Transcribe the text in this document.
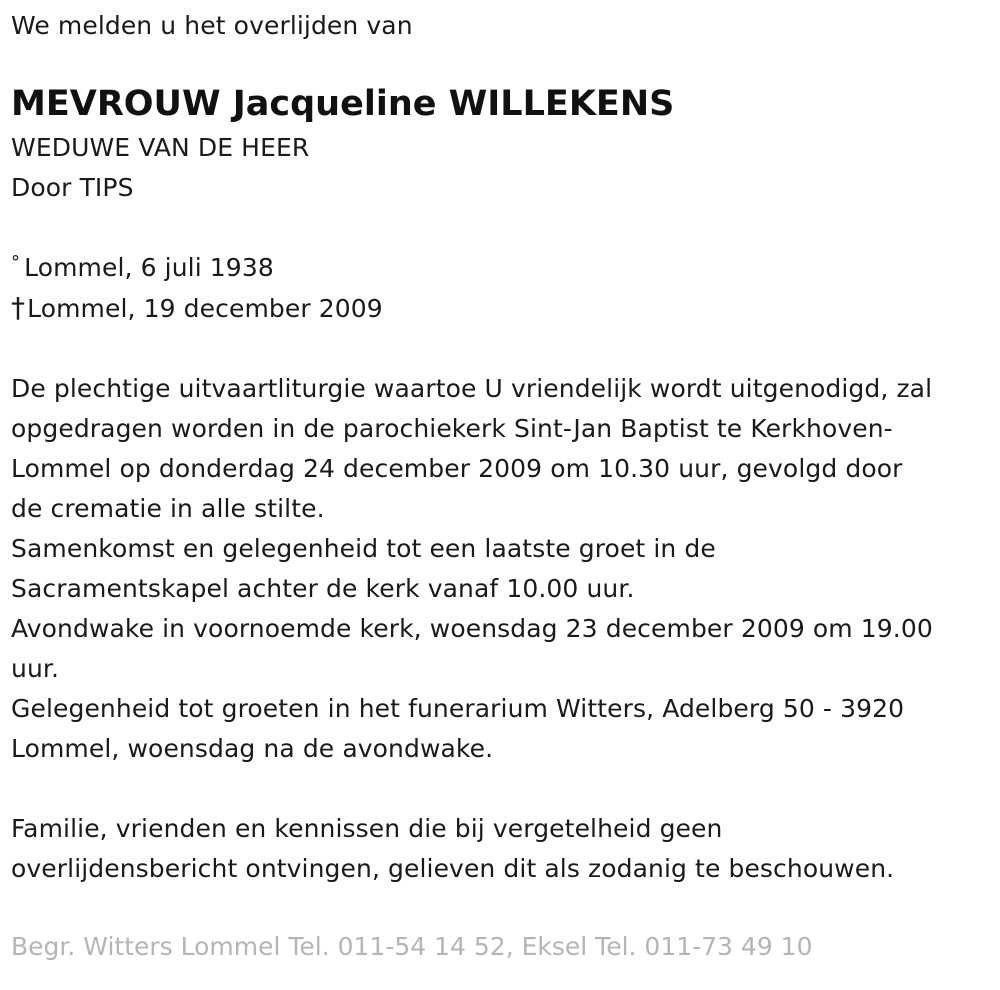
We melden u het overlijden van
MEVROUW Jacqueline WILLEKENS
WEDUWE VAN DE HEER
Door TIPS
° Lommel, 6 juli 1938
†Lommel, 19 december 2009
De plechtige uitvaartliturgie waartoe U vriendelijk wordt uitgenodigd, zal
opgedragen worden in de parochiekerk Sint-Jan Baptist te Kerkhoven-
Lommel op donderdag 24 december 2009 om 10.30 uur, gevolgd door
de crematie in alle stilte.
Samenkomst en gelegenheid tot een laatste groet in de
Sacramentskapel achter de kerk vanaf 10.00 uur.
Avondwake in voornoemde kerk, woensdag 23 december 2009 om 19.00
uur.
Gelegenheid tot groeten in het funerarium Witters, Adelberg 50 - 3920
Lommel, woensdag na de avondwake.
Familie, vrienden en kennissen die bij vergetelheid geen
overlijdensbericht ontvingen, gelieven dit als zodanig te beschouwen.
Begr. Witters Lommel Tel. 011-54 14 52, Eksel Tel. 011-73 49 10
